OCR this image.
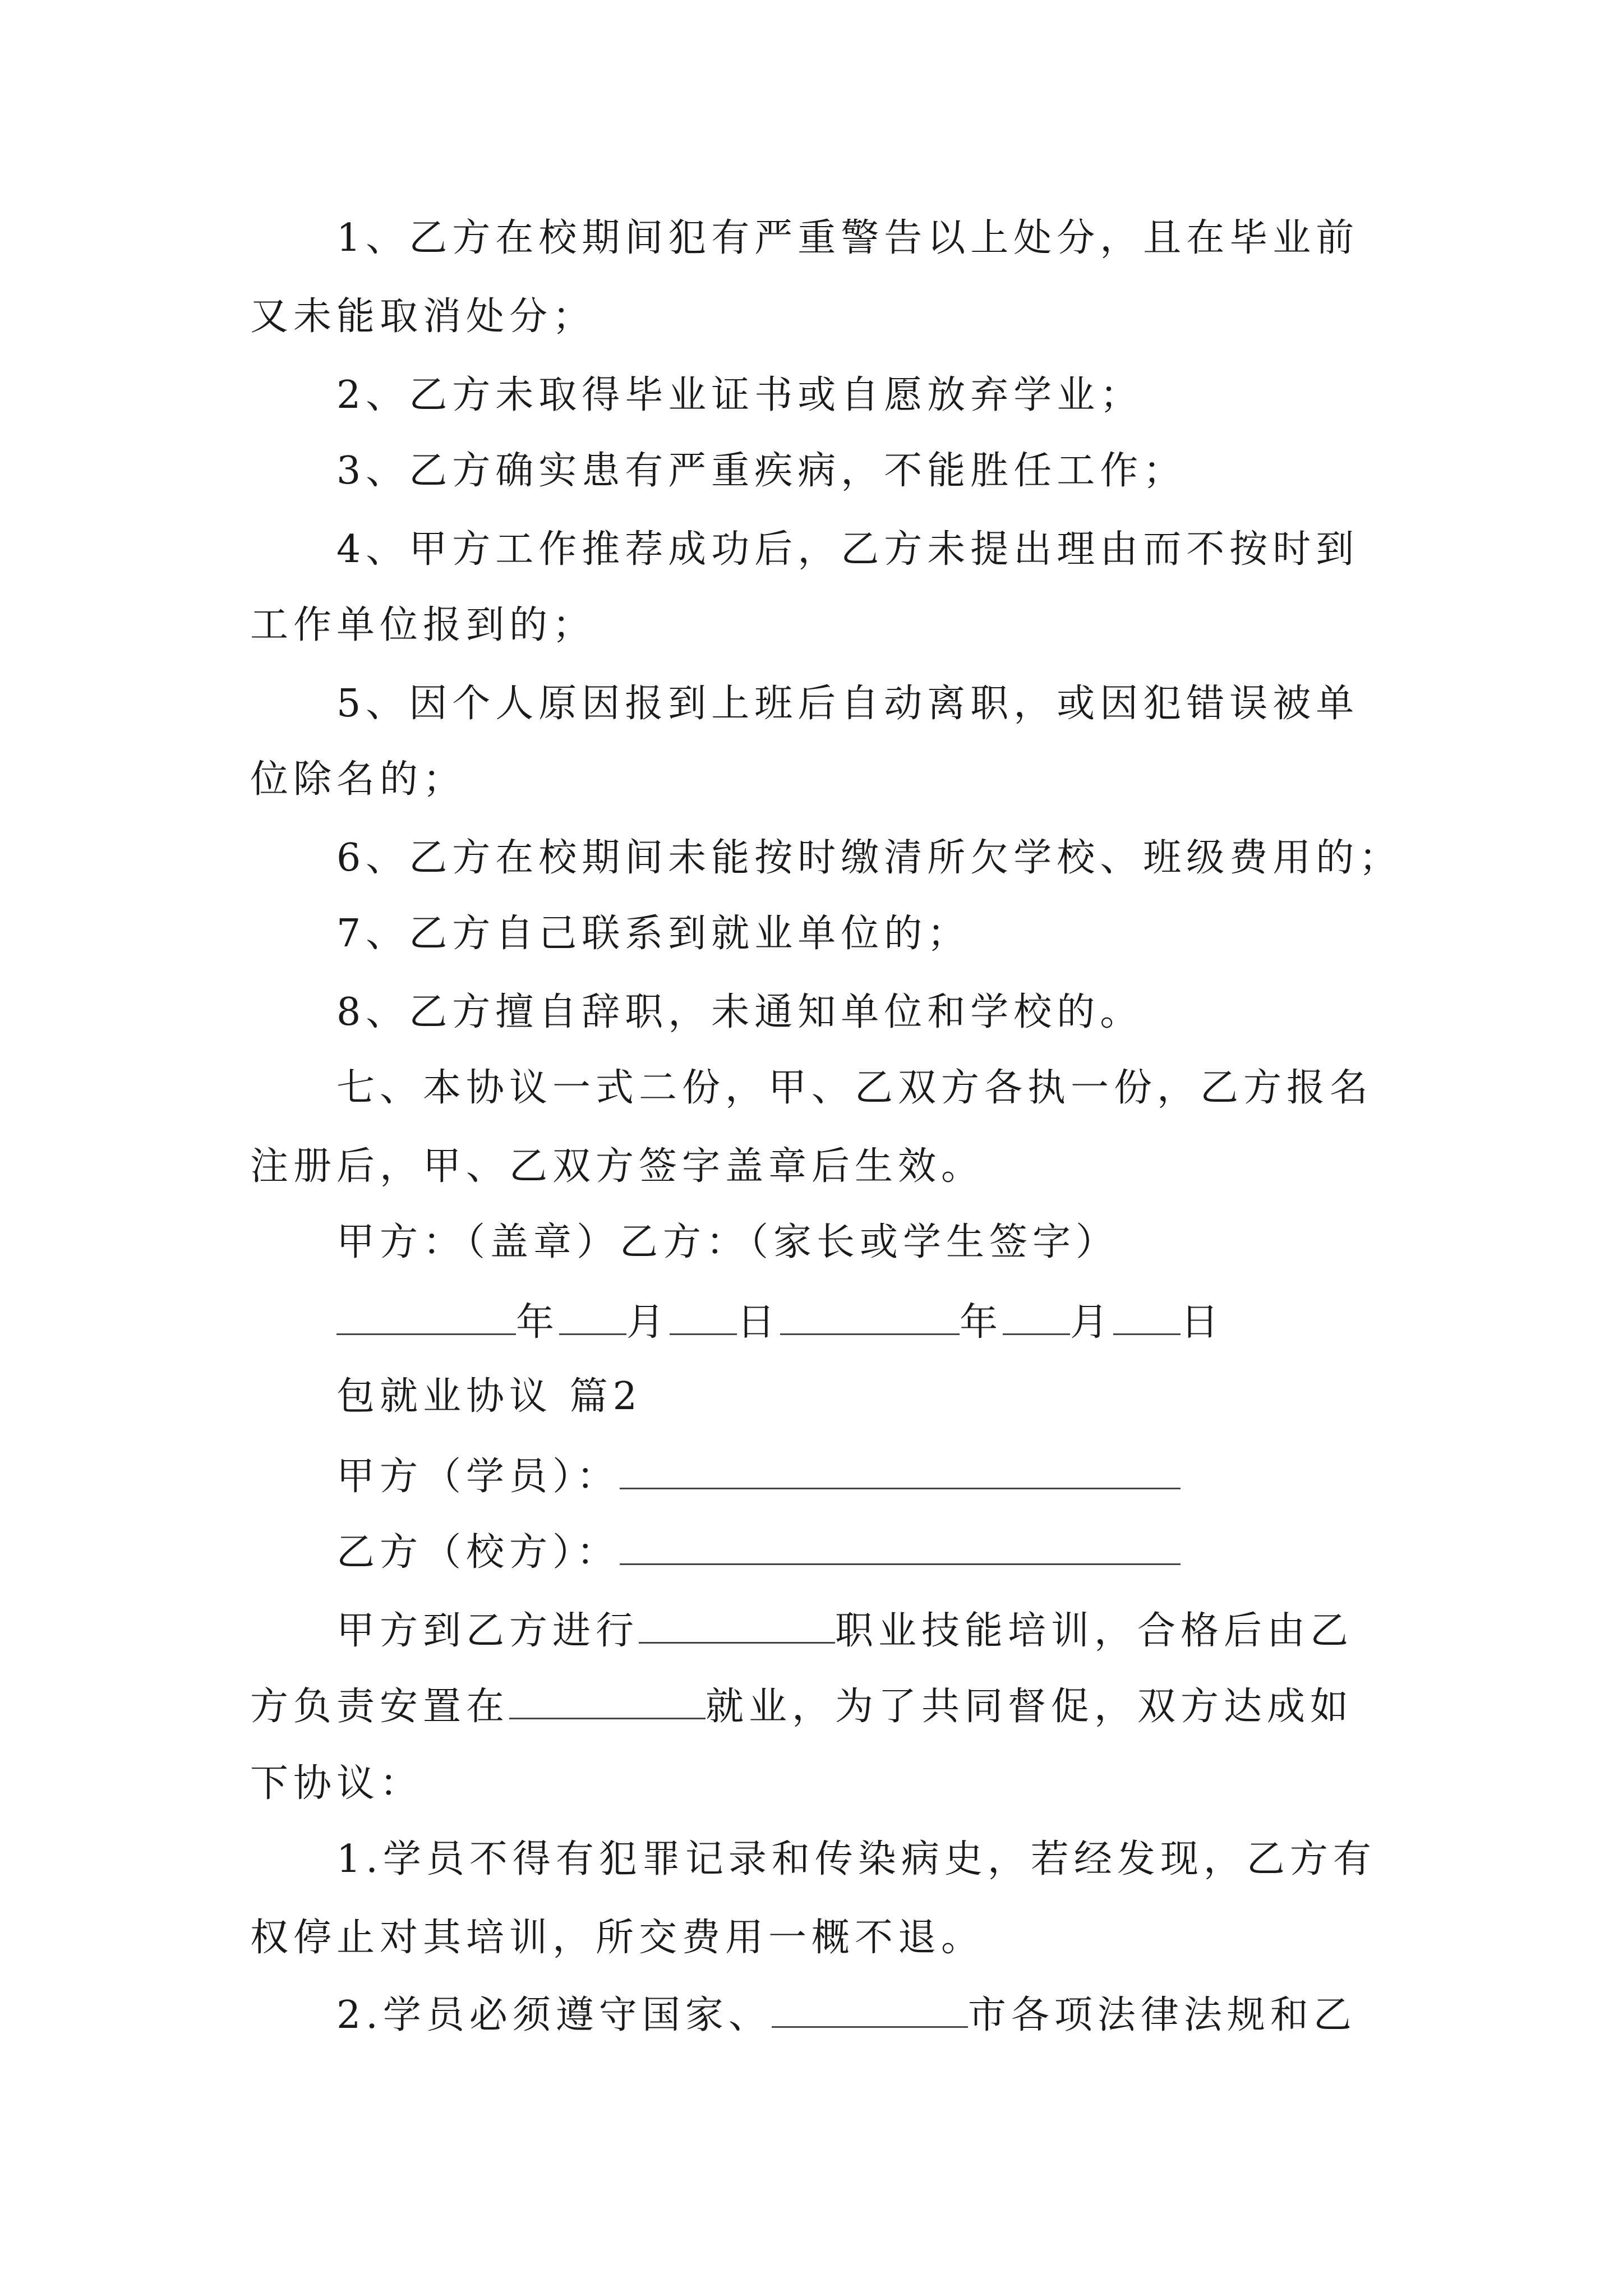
1、乙方在校期间犯有严重警告以上处分，且在毕业前
又未能取消处分；
2、乙方未取得毕业证书或自愿放弃学业；
3、乙方确实患有严重疾病，不能胜任工作；
4、甲方工作推荐成功后，乙方未提出理由而不按时到
工作单位报到的；
5、因个人原因报到上班后自动离职，或因犯错误被单
位除名的；
6、乙方在校期间未能按时缴清所欠学校、班级费用的；
7、乙方自己联系到就业单位的；
8、乙方擅自辞职，未通知单位和学校的。
七、本协议一式二份，甲、乙双方各执一份，乙方报名
注册后，甲、乙双方签字盖章后生效。
甲方：（盖章）乙方：（家长或学生签字）
年 月 日	年 月 日
包就业协议 篇2
甲方（学员）：
乙方（校方）：
甲方到乙方进行	职业技能培训，合格后由乙
方负责安置在	就业，为了共同督促，双方达成如
下协议：
1.学员不得有犯罪记录和传染病史，若经发现，乙方有
权停止对其培训，所交费用一概不退。
2.学员必须遵守国家、	市各项法律法规和乙
